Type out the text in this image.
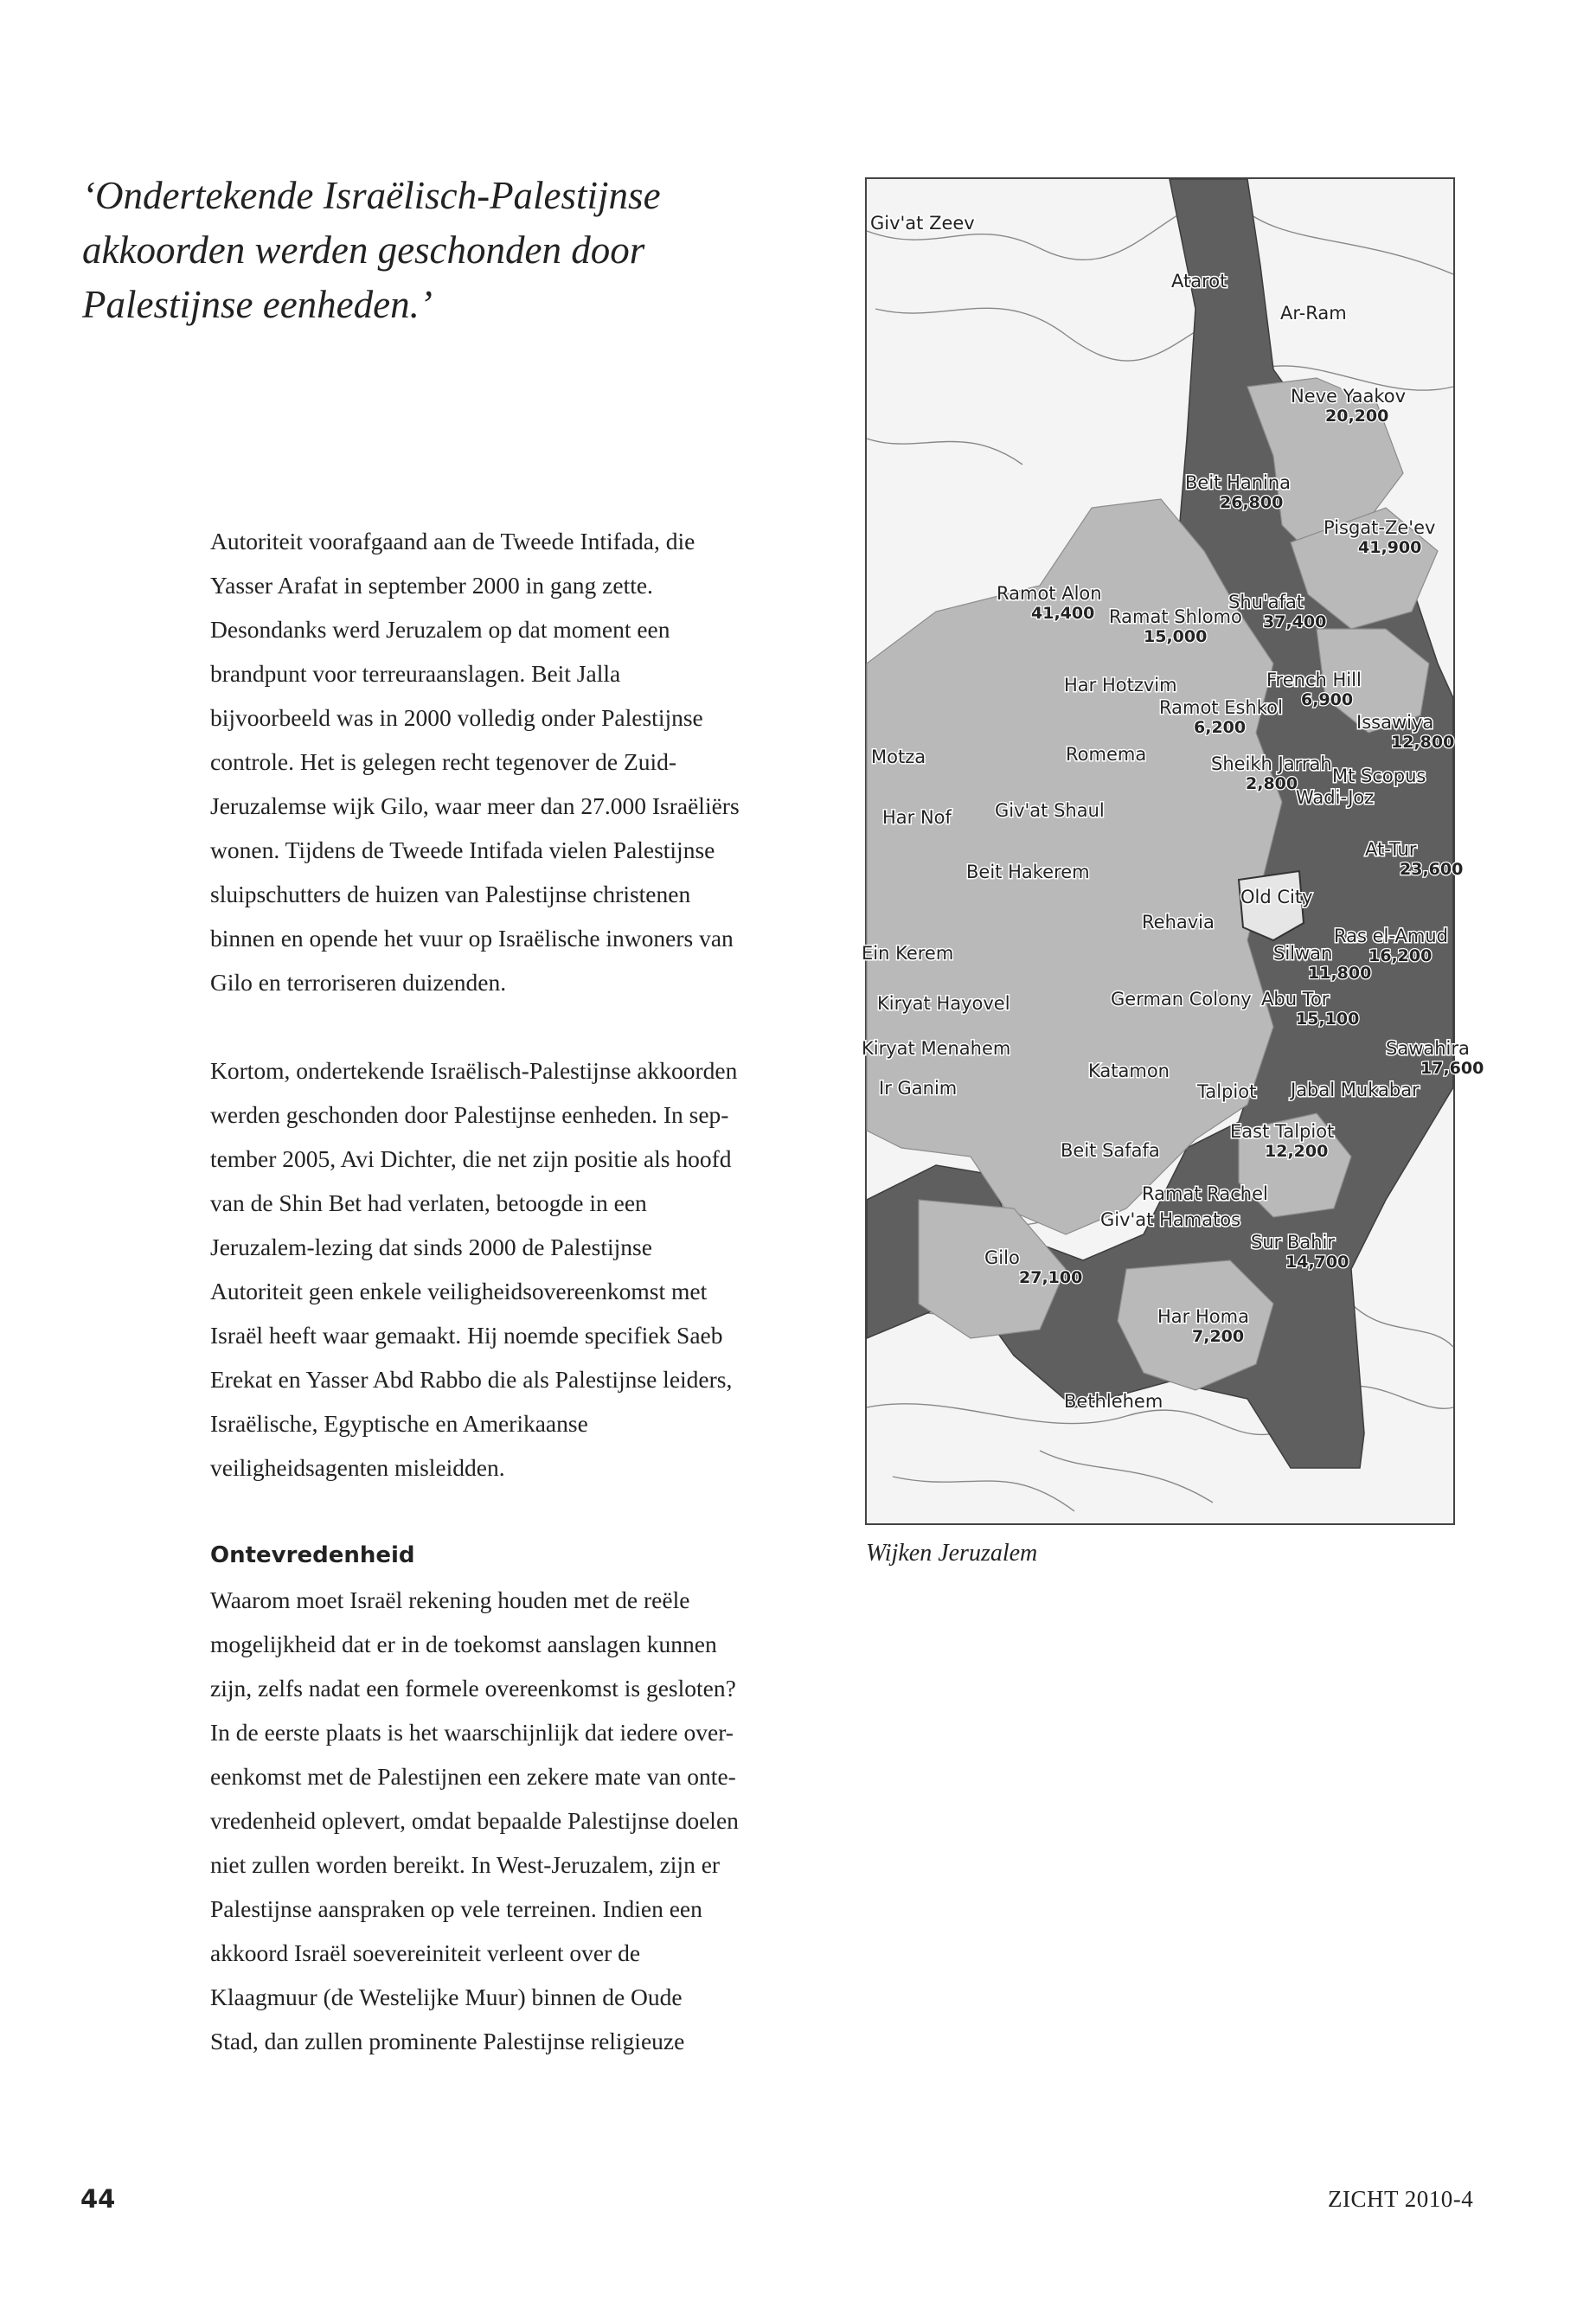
‘Ondertekende Israëlisch-Palestijnse
akkoorden werden geschonden door
Palestijnse eenheden.’
Autoriteit voorafgaand aan de Tweede Intifada, die
Yasser Arafat in september 2000 in gang zette.
Desondanks werd Jeruzalem op dat moment een
brandpunt voor terreuraanslagen. Beit Jalla
bijvoorbeeld was in 2000 volledig onder Palestijnse
controle. Het is gelegen recht tegenover de Zuid-
Jeruzalemse wijk Gilo, waar meer dan 27.000 Israëliërs
wonen. Tijdens de Tweede Intifada vielen Palestijnse
sluipschutters de huizen van Palestijnse christenen
binnen en opende het vuur op Israëlische inwoners van
Gilo en terroriseren duizenden.
Kortom, ondertekende Israëlisch-Palestijnse akkoorden
werden geschonden door Palestijnse eenheden. In sep-
tember 2005, Avi Dichter, die net zijn positie als hoofd
van de Shin Bet had verlaten, betoogde in een
Jeruzalem-lezing dat sinds 2000 de Palestijnse
Autoriteit geen enkele veiligheidsovereenkomst met
Israël heeft waar gemaakt. Hij noemde specifiek Saeb
Erekat en Yasser Abd Rabbo die als Palestijnse leiders,
Israëlische, Egyptische en Amerikaanse
veiligheidsagenten misleidden.
Ontevredenheid
Waarom moet Israël rekening houden met de reële
mogelijkheid dat er in de toekomst aanslagen kunnen
zijn, zelfs nadat een formele overeenkomst is gesloten?
In de eerste plaats is het waarschijnlijk dat iedere over-
eenkomst met de Palestijnen een zekere mate van onte-
vredenheid oplevert, omdat bepaalde Palestijnse doelen
niet zullen worden bereikt. In West-Jeruzalem, zijn er
Palestijnse aanspraken op vele terreinen. Indien een
akkoord Israël soevereiniteit verleent over de
Klaagmuur (de Westelijke Muur) binnen de Oude
Stad, dan zullen prominente Palestijnse religieuze
Giv'at Zeev
Atarot
Ar-Ram
Neve Yaakov
20,200
Beit Hanina
26,800
Pisgat-Ze'ev
41,900
Ramot Alon
41,400 Ramat Shlomo
15,000
Shu'afat
37,400
Har Hotzvim	French Hill
6,900
Ramot Eshkol
6,200	Issawiya
12,800
Motza	Romema	Sheikh Jarrah
2,800 Mt Scopus
Wadi-Joz
Har Nof Giv'at Shaul
At-Tur
23,600
Beit Hakerem
Old City
Rehavia
Ras el-Amud
16,200
Ein Kerem	Silwan
11,800
Kiryat Hayovel	German Colony Abu Tor
15,100
Kiryat Menahem	Sawahira
17,600
Katamon
Ir Ganim	Talpiot Jabal Mukabar
East Talpiot
12,200
Beit Safafa
Ramat Rachel
Giv'at Hamatos
Sur Bahir
14,700
Gilo
27,100
Har Homa
7,200
Bethlehem
Wijken Jeruzalem
44	ZICHT 2010-4
